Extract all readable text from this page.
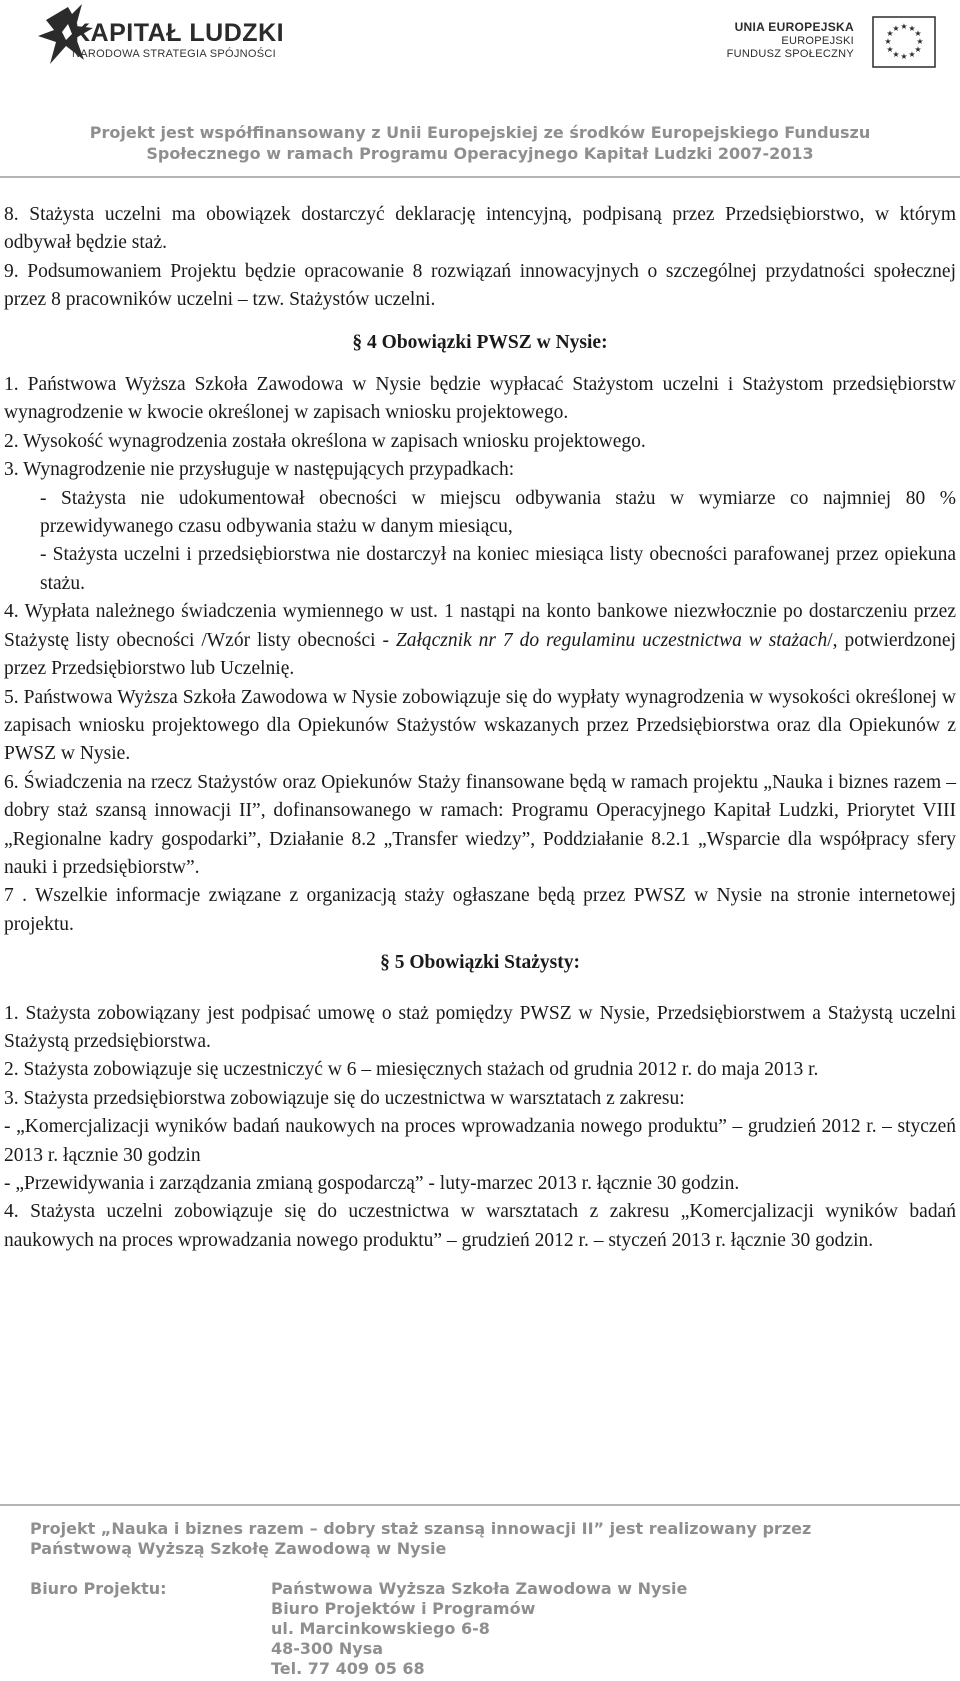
KAPITAŁ LUDZKI
NARODOWA STRATEGIA SPÓJNOŚCI
UNIA EUROPEJSKA
EUROPEJSKI
FUNDUSZ SPOŁECZNY
★ ★
★
★
★
★
★
★
★
★
★
★
Projekt jest współfinansowany z Unii Europejskiej ze środków Europejskiego Funduszu
Społecznego w ramach Programu Operacyjnego Kapitał Ludzki 2007-2013

8. Stażysta uczelni ma obowiązek dostarczyć deklarację intencyjną, podpisaną przez Przedsiębiorstwo, w którym odbywał będzie staż.

9. Podsumowaniem Projektu będzie opracowanie 8 rozwiązań innowacyjnych o szczególnej przydatności społecznej przez 8 pracowników uczelni – tzw. Stażystów uczelni.

§ 4 Obowiązki PWSZ w Nysie:

1. Państwowa Wyższa Szkoła Zawodowa w Nysie będzie wypłacać Stażystom uczelni i Stażystom przedsiębiorstw wynagrodzenie w kwocie określonej w zapisach wniosku projektowego.

2. Wysokość wynagrodzenia została określona w zapisach wniosku projektowego.

3. Wynagrodzenie nie przysługuje w następujących przypadkach:

- Stażysta nie udokumentował obecności w miejscu odbywania stażu w wymiarze co najmniej 80 % przewidywanego czasu odbywania stażu w danym miesiącu,

- Stażysta uczelni i przedsiębiorstwa nie dostarczył na koniec miesiąca listy obecności parafowanej przez opiekuna stażu.

4. Wypłata należnego świadczenia wymiennego w ust. 1 nastąpi na konto bankowe niezwłocznie po dostarczeniu przez Stażystę listy obecności /Wzór listy obecności - Załącznik nr 7 do regulaminu uczestnictwa w stażach/, potwierdzonej przez Przedsiębiorstwo lub Uczelnię.

5. Państwowa Wyższa Szkoła Zawodowa w Nysie zobowiązuje się do wypłaty wynagrodzenia w wysokości określonej w zapisach wniosku projektowego dla Opiekunów Stażystów wskazanych przez Przedsiębiorstwa oraz dla Opiekunów z PWSZ w Nysie.

6. Świadczenia na rzecz Stażystów oraz Opiekunów Staży finansowane będą w ramach projektu „Nauka i biznes razem – dobry staż szansą innowacji II”, dofinansowanego w ramach: Programu Operacyjnego Kapitał Ludzki, Priorytet VIII „Regionalne kadry gospodarki”, Działanie 8.2 „Transfer wiedzy”, Poddziałanie 8.2.1 „Wsparcie dla współpracy sfery nauki i przedsiębiorstw”.

7 . Wszelkie informacje związane z organizacją staży ogłaszane będą przez PWSZ w Nysie na stronie internetowej projektu.

§ 5 Obowiązki Stażysty:

1. Stażysta zobowiązany jest podpisać umowę o staż pomiędzy PWSZ w Nysie, Przedsiębiorstwem a Stażystą uczelni Stażystą przedsiębiorstwa.

2. Stażysta zobowiązuje się uczestniczyć w 6 – miesięcznych stażach od grudnia 2012 r. do maja 2013 r.

3. Stażysta przedsiębiorstwa zobowiązuje się do uczestnictwa w warsztatach z zakresu:

- „Komercjalizacji wyników badań naukowych na proces wprowadzania nowego produktu” – grudzień 2012 r. – styczeń 2013 r. łącznie 30 godzin

- „Przewidywania i zarządzania zmianą gospodarczą” - luty-marzec 2013 r. łącznie 30 godzin.

4. Stażysta uczelni zobowiązuje się do uczestnictwa w warsztatach z zakresu „Komercjalizacji wyników badań naukowych na proces wprowadzania nowego produktu” – grudzień 2012 r. – styczeń 2013 r. łącznie 30 godzin.

Projekt „Nauka i biznes razem – dobry staż szansą innowacji II” jest realizowany przez
Państwową Wyższą Szkołę Zawodową w Nysie
Biuro Projektu:	Państwowa Wyższa Szkoła Zawodowa w Nysie
Biuro Projektów i Programów
ul. Marcinkowskiego 6-8
48-300 Nysa
Tel. 77 409 05 68
